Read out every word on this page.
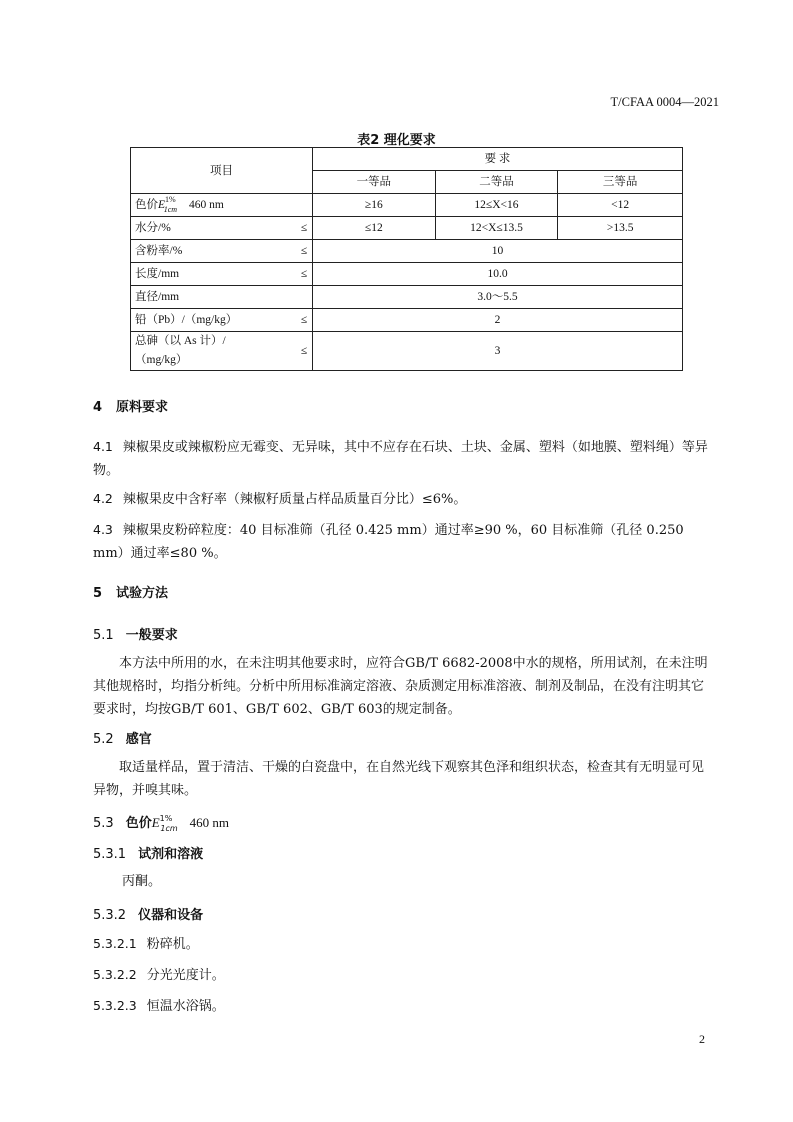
T/CFAA 0004—2021
表2 理化要求
项目		要 求		
		一等品	二等品	三等品
色价$E^{1\%}_{1cm}$ 460 nm		≥16	12≤X<16	<12
水分/%	≤	≤12	12<X≤13.5	>13.5
含粉率/%	≤	10		
长度/mm	≤	10.0		
直径/mm		3.0～5.5		
铅（Pb）/（mg/kg）	≤	2		

总砷（以 As 计）/
（mg/kg）	≤	3		
4 原料要求
4.1 辣椒果皮或辣椒粉应无霉变、无异味，其中不应存在石块、土块、金属、塑料（如地膜、塑料绳）等异物。
4.2 辣椒果皮中含籽率（辣椒籽质量占样品质量百分比）≤6%。
4.3 辣椒果皮粉碎粒度：40 目标准筛（孔径 0.425 mm）通过率≥90 %，60 目标准筛（孔径 0.250 mm）通过率≤80 %。
5 试验方法
5.1 一般要求
本方法中所用的水，在未注明其他要求时，应符合GB/T 6682-2008中水的规格，所用试剂，在未注明其他规格时，均指分析纯。分析中所用标准滴定溶液、杂质测定用标准溶液、制剂及制品，在没有注明其它要求时，均按GB/T 601、GB/T 602、GB/T 603的规定制备。
5.2 感官
取适量样品，置于清洁、干燥的白瓷盘中，在自然光线下观察其色泽和组织状态，检查其有无明显可见异物，并嗅其味。
5.3 色价$E^{1\%}_{1cm}$ 460 nm
5.3.1 试剂和溶液
丙酮。
5.3.2 仪器和设备
5.3.2.1 粉碎机。
5.3.2.2 分光光度计。
5.3.2.3 恒温水浴锅。
2
